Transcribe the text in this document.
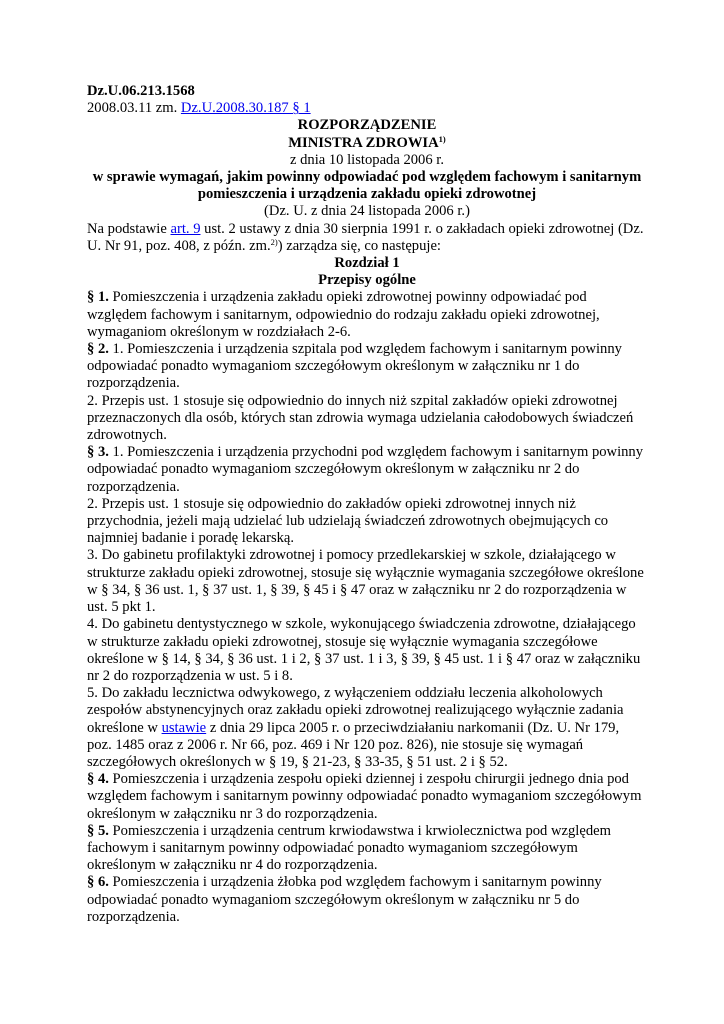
Dz.U.06.213.1568

2008.03.11 zm. Dz.U.2008.30.187 § 1

ROZPORZĄDZENIE

MINISTRA ZDROWIA$^{1)}$

z dnia 10 listopada 2006 r.

w sprawie wymagań, jakim powinny odpowiadać pod względem fachowym i sanitarnym

pomieszczenia i urządzenia zakładu opieki zdrowotnej

(Dz. U. z dnia 24 listopada 2006 r.)

Na podstawie art. 9 ust. 2 ustawy z dnia 30 sierpnia 1991 r. o zakładach opieki zdrowotnej (Dz. U. Nr 91, poz. 408, z późn. zm.$^{2)}$) zarządza się, co następuje:

Rozdział 1

Przepisy ogólne

§ 1. Pomieszczenia i urządzenia zakładu opieki zdrowotnej powinny odpowiadać pod względem fachowym i sanitarnym, odpowiednio do rodzaju zakładu opieki zdrowotnej, wymaganiom określonym w rozdziałach 2-6.

§ 2. 1. Pomieszczenia i urządzenia szpitala pod względem fachowym i sanitarnym powinny odpowiadać ponadto wymaganiom szczegółowym określonym w załączniku nr 1 do rozporządzenia.

2. Przepis ust. 1 stosuje się odpowiednio do innych niż szpital zakładów opieki zdrowotnej przeznaczonych dla osób, których stan zdrowia wymaga udzielania całodobowych świadczeń zdrowotnych.

§ 3. 1. Pomieszczenia i urządzenia przychodni pod względem fachowym i sanitarnym powinny odpowiadać ponadto wymaganiom szczegółowym określonym w załączniku nr 2 do rozporządzenia.

2. Przepis ust. 1 stosuje się odpowiednio do zakładów opieki zdrowotnej innych niż przychodnia, jeżeli mają udzielać lub udzielają świadczeń zdrowotnych obejmujących co najmniej badanie i poradę lekarską.

3. Do gabinetu profilaktyki zdrowotnej i pomocy przedlekarskiej w szkole, działającego w strukturze zakładu opieki zdrowotnej, stosuje się wyłącznie wymagania szczegółowe określone w § 34, § 36 ust. 1, § 37 ust. 1, § 39, § 45 i § 47 oraz w załączniku nr 2 do rozporządzenia w ust. 5 pkt 1.

4. Do gabinetu dentystycznego w szkole, wykonującego świadczenia zdrowotne, działającego w strukturze zakładu opieki zdrowotnej, stosuje się wyłącznie wymagania szczegółowe określone w § 14, § 34, § 36 ust. 1 i 2, § 37 ust. 1 i 3, § 39, § 45 ust. 1 i § 47 oraz w załączniku nr 2 do rozporządzenia w ust. 5 i 8.

5. Do zakładu lecznictwa odwykowego, z wyłączeniem oddziału leczenia alkoholowych zespołów abstynencyjnych oraz zakładu opieki zdrowotnej realizującego wyłącznie zadania określone w ustawie z dnia 29 lipca 2005 r. o przeciwdziałaniu narkomanii (Dz. U. Nr 179, poz. 1485 oraz z 2006 r. Nr 66, poz. 469 i Nr 120 poz. 826), nie stosuje się wymagań szczegółowych określonych w § 19, § 21-23, § 33-35, § 51 ust. 2 i § 52.

§ 4. Pomieszczenia i urządzenia zespołu opieki dziennej i zespołu chirurgii jednego dnia pod względem fachowym i sanitarnym powinny odpowiadać ponadto wymaganiom szczegółowym określonym w załączniku nr 3 do rozporządzenia.

§ 5. Pomieszczenia i urządzenia centrum krwiodawstwa i krwiolecznictwa pod względem fachowym i sanitarnym powinny odpowiadać ponadto wymaganiom szczegółowym określonym w załączniku nr 4 do rozporządzenia.

§ 6. Pomieszczenia i urządzenia żłobka pod względem fachowym i sanitarnym powinny odpowiadać ponadto wymaganiom szczegółowym określonym w załączniku nr 5 do rozporządzenia.
